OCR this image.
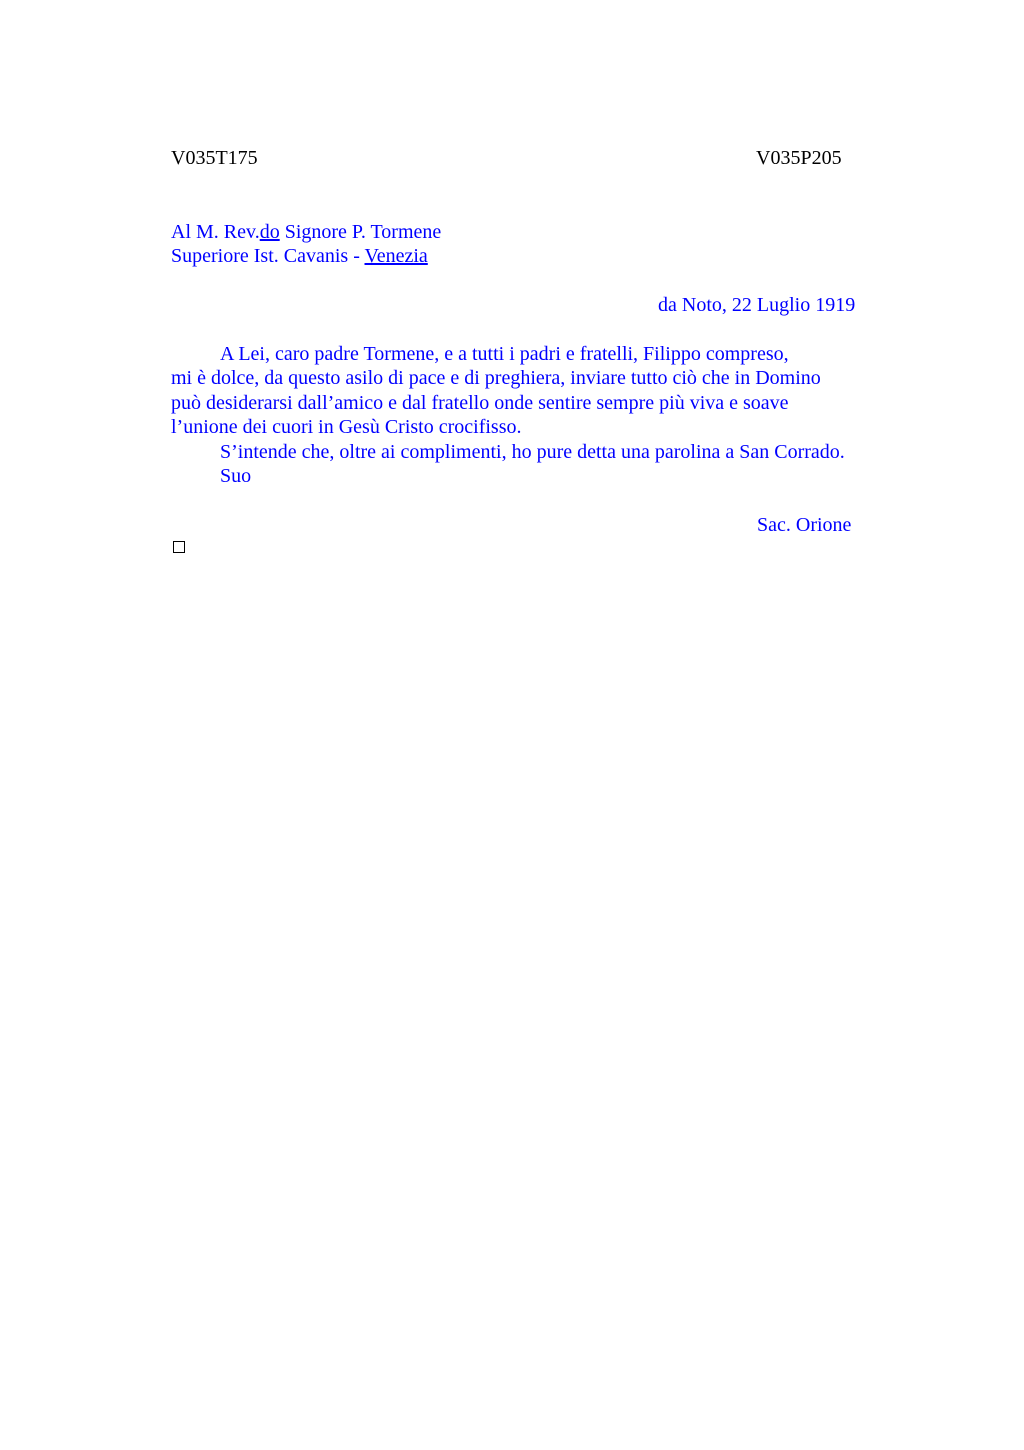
V035T175	V035P205
Al M. Rev.do Signore P. Tormene
Superiore Ist. Cavanis - Venezia
da Noto, 22 Luglio 1919
A Lei, caro padre Tormene, e a tutti i padri e fratelli, Filippo compreso,
mi è dolce, da questo asilo di pace e di preghiera, inviare tutto ciò che in Domino
può desiderarsi dall’amico e dal fratello onde sentire sempre più viva e soave
l’unione dei cuori in Gesù Cristo crocifisso.
S’intende che, oltre ai complimenti, ho pure detta una parolina a San Corrado.
Suo
Sac. Orione
